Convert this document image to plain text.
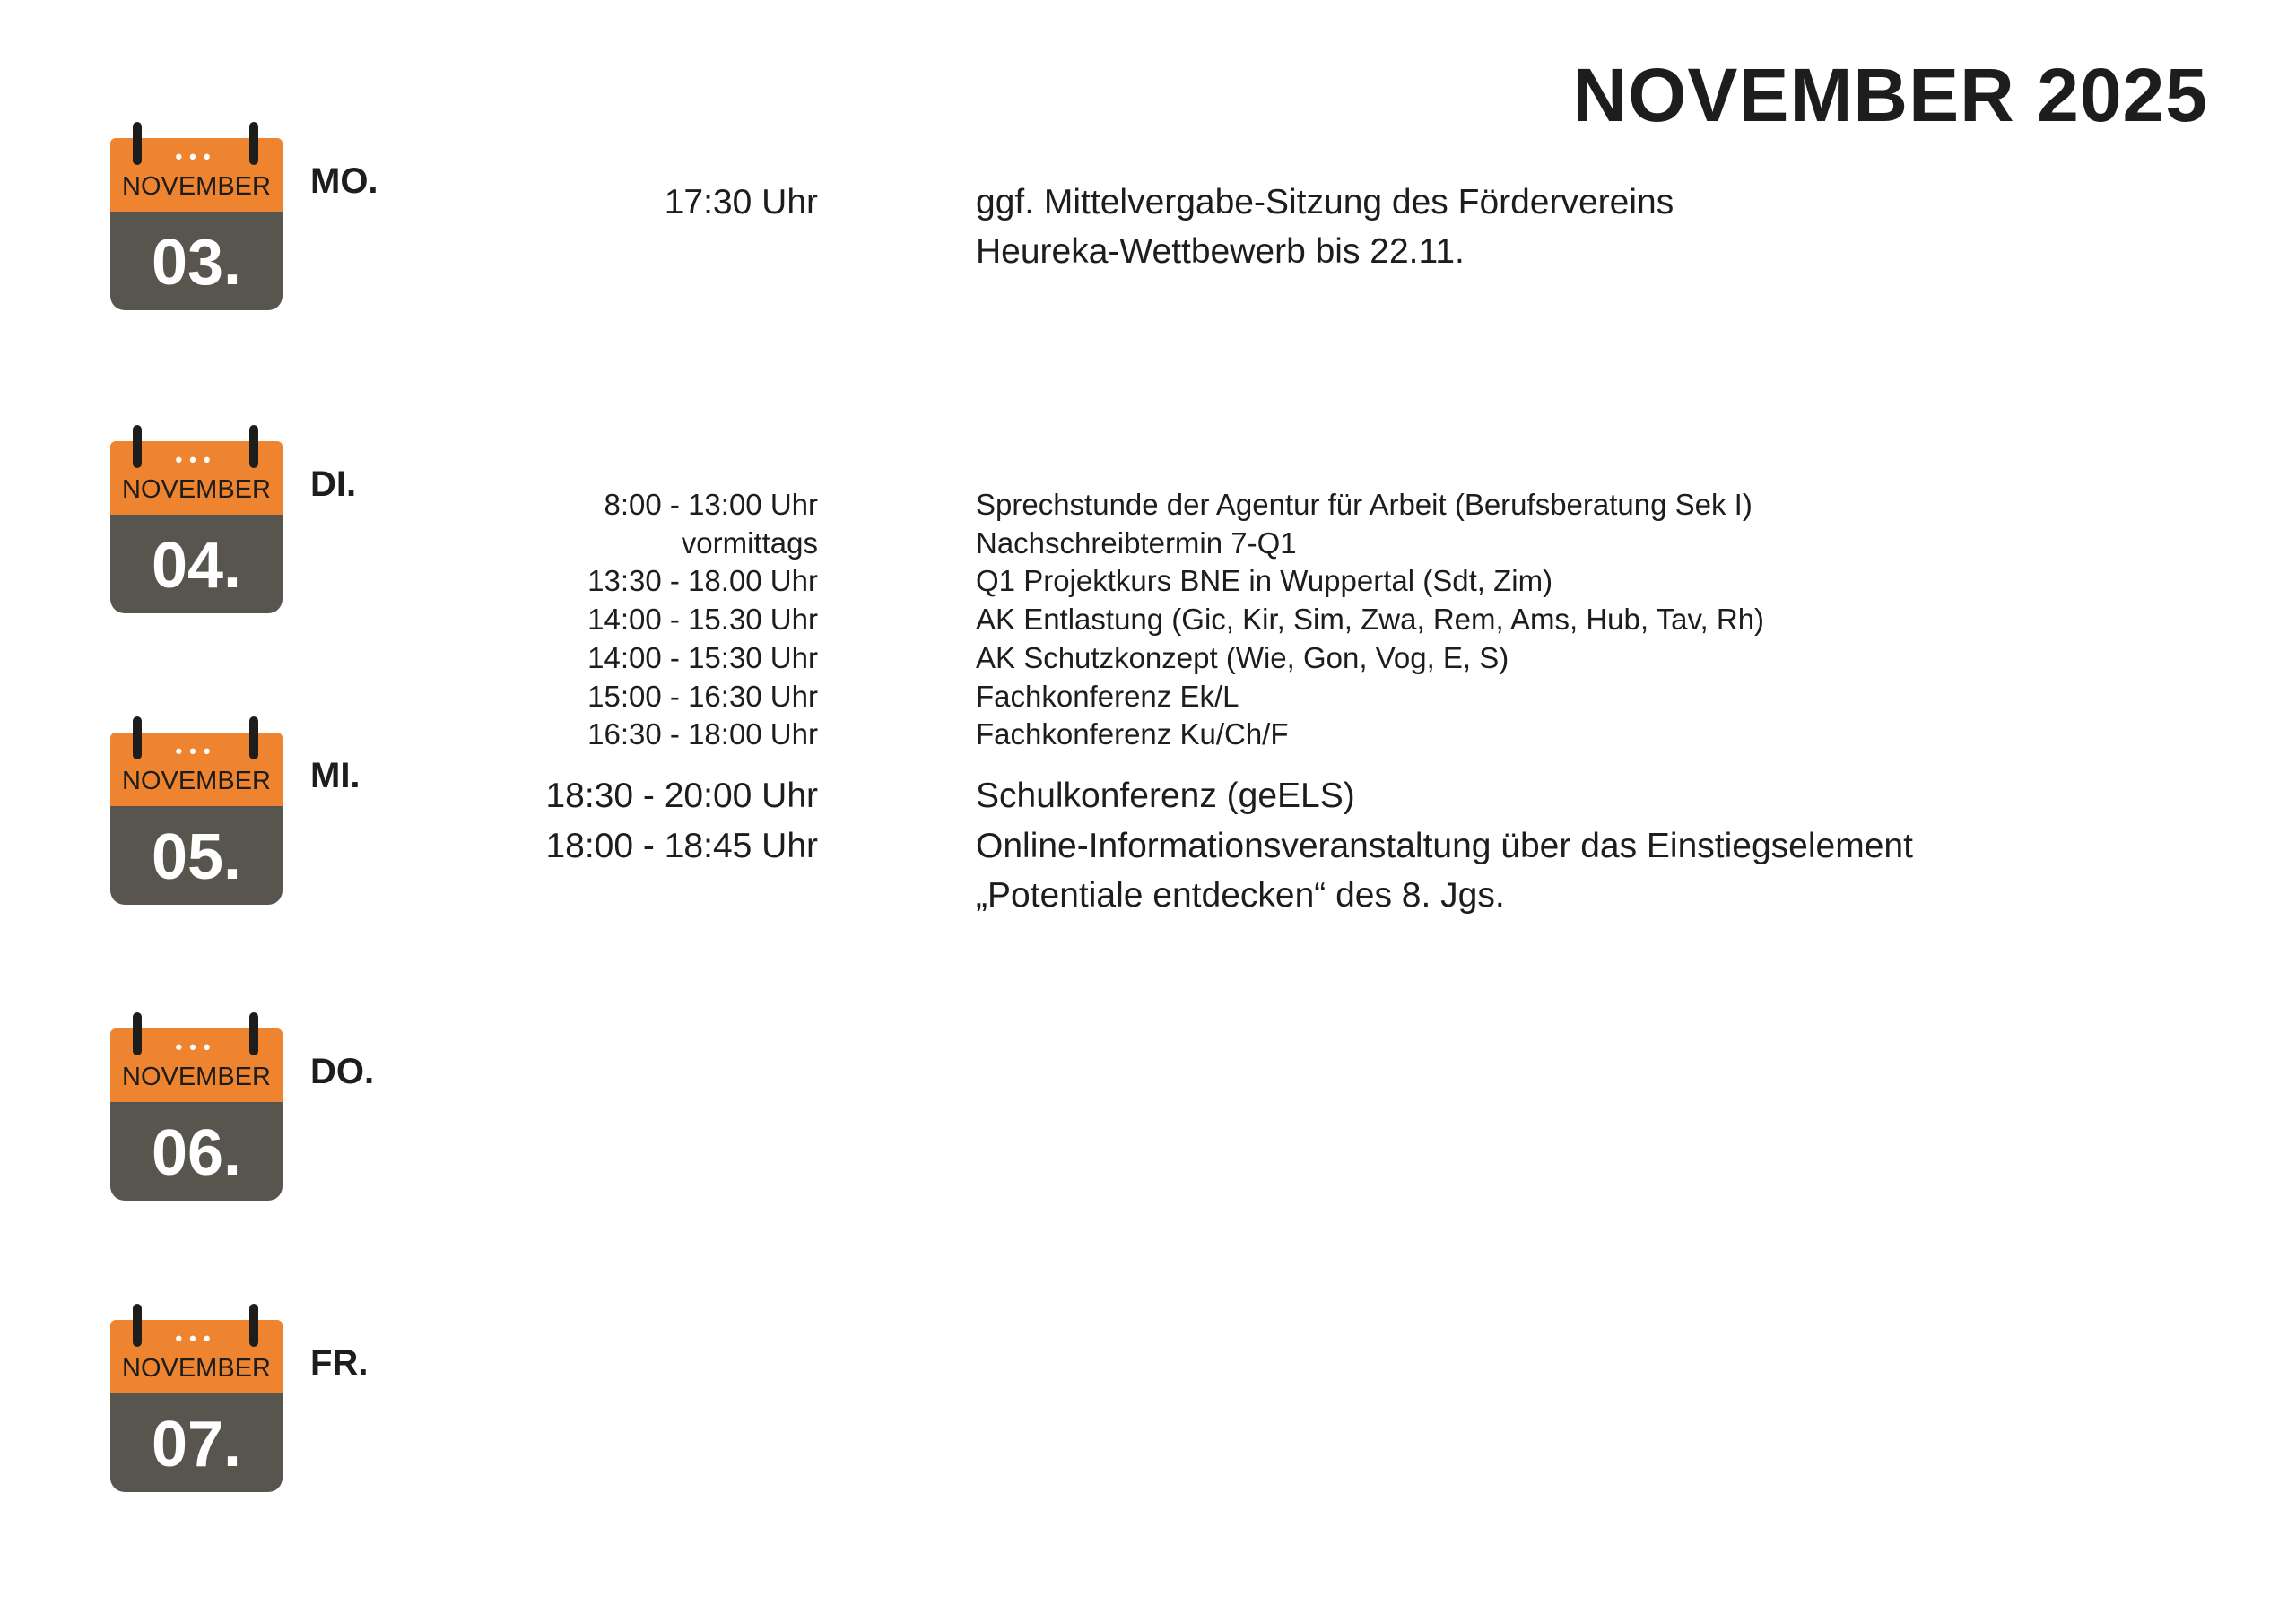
NOVEMBER 2025
•••
NOVEMBER
03.
MO.
•••
NOVEMBER
04.
DI.
•••
NOVEMBER
05.
MI.
•••
NOVEMBER
06.
DO.
•••
NOVEMBER
07.
FR.
17:30 Uhr	ggf. Mittelvergabe-Sitzung des Fördervereins
Heureka-Wettbewerb bis 22.11.
8:00 - 13:00 Uhr	Sprechstunde der Agentur für Arbeit (Berufsberatung Sek I)
vormittags	Nachschreibtermin 7-Q1
13:30 - 18.00 Uhr	Q1 Projektkurs BNE in Wuppertal (Sdt, Zim)
14:00 - 15.30 Uhr	AK Entlastung (Gic, Kir, Sim, Zwa, Rem, Ams, Hub, Tav, Rh)
14:00 - 15:30 Uhr	AK Schutzkonzept (Wie, Gon, Vog, E, S)
15:00 - 16:30 Uhr	Fachkonferenz Ek/L
16:30 - 18:00 Uhr	Fachkonferenz Ku/Ch/F
18:30 - 20:00 Uhr	Schulkonferenz (geELS)
18:00 - 18:45 Uhr	Online-Informationsveranstaltung über das Einstiegselement
„Potentiale entdecken“ des 8. Jgs.
